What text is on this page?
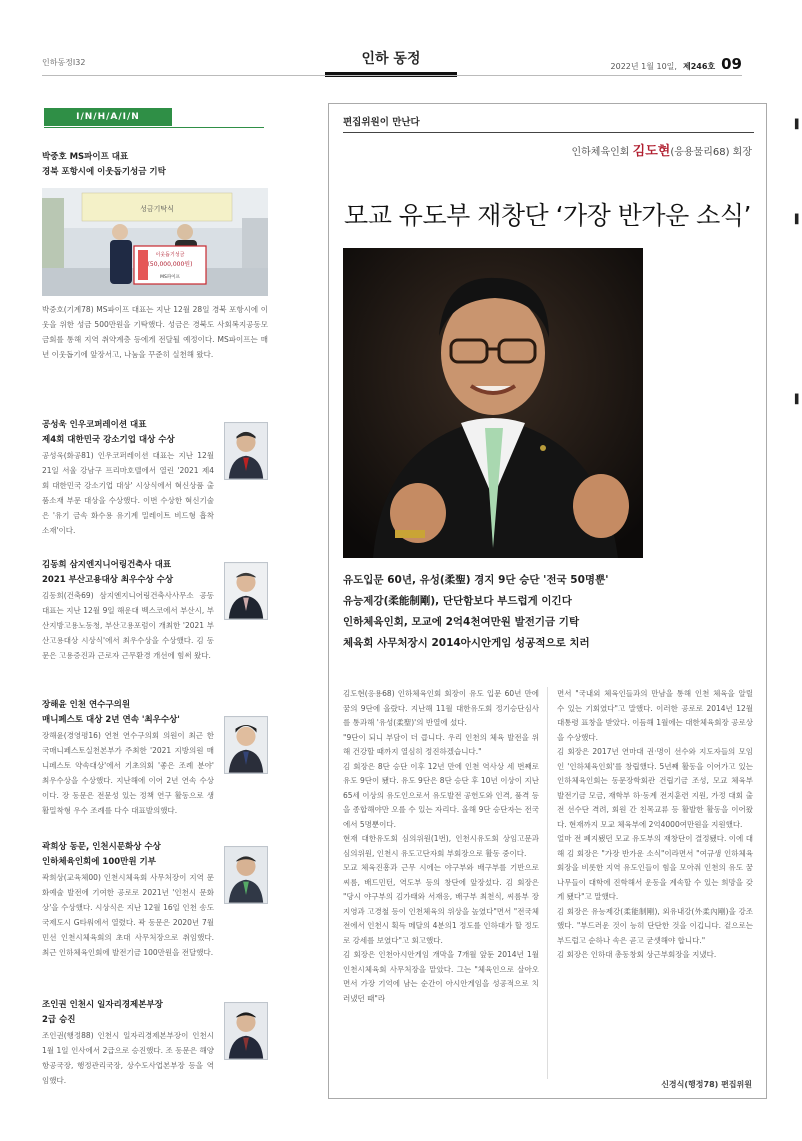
인하동정I32	인하 동정	2022년 1월 10일, 제246호 09
I/N/H/A/I/N
박중호 MS파이프 대표
경북 포항시에 이웃돕기성금 기탁
성금기탁식
이웃돕기성금
(50,000,000원)
MS파이프

박중호(기계78) MS파이프 대표는 지난 12월 28일 경북 포항시에 이웃을 위한 성금 500만원을 기탁했다. 성금은 경북도 사회복지공동모금회를 통해 지역 취약계층 등에게 전달될 예정이다. MS파이프는 매년 이웃돕기에 앞장서고, 나눔을 꾸준히 실천해 왔다.

공성욱 인우코퍼레이션 대표
제4회 대한민국 강소기업 대상 수상

공성욱(화공81) 인우코퍼레이션 대표는 지난 12월 21일 서울 강남구 프리마호텔에서 열린 '2021 제4회 대한민국 강소기업 대상' 시상식에서 혁신상품 출품소재 부문 대상을 수상했다. 이번 수상한 혁신기술은 '유기 금속 화수용 유기계 밀레이트 비드형 흡착 소재'이다.

김동희 삼지엔지니어링건축사 대표
2021 부산고용대상 최우수상 수상

김동희(건축69) 삼지엔지니어링건축사사무소 공동대표는 지난 12월 9일 해운대 벡스코에서 부산시, 부산지방고용노동청, 부산고용포럼이 개최한 '2021 부산고용대상 시상식'에서 최우수상을 수상했다. 김 동문은 고용증진과 근로자 근무환경 개선에 힘써 왔다.

장해윤 인천 연수구의원
매니페스토 대상 2년 연속 '최우수상'

장해윤(경영평16) 연천 연수구의회 의원이 최근 한국매니페스토실천본부가 주최한 '2021 지방의원 매니페스토 약속대상'에서 기초의회 '좋은 조례 분야' 최우수상을 수상했다. 지난해에 이어 2년 연속 수상이다. 장 동문은 전문성 있는 정책 연구 활동으로 생활밀착형 우수 조례를 다수 대표발의했다.

곽희상 동문, 인천시문화상 수상
인하체육인회에 100만원 기부

곽희상(교육체00) 인천시체육회 사무처장이 지역 문화예술 발전에 기여한 공로로 2021년 '인천시 문화상'을 수상했다. 시상식은 지난 12월 16일 인천 송도국제도시 G타워에서 열렸다. 곽 동문은 2020년 7월 민선 인천시체육회의 초대 사무처장으로 취임했다. 최근 인하체육인회에 발전기금 100만원을 전달했다.

조인권 인천시 일자리경제본부장
2급 승진

조인권(행정88) 인천시 일자리경제본부장이 인천시 1월 1일 인사에서 2급으로 승진했다. 조 동문은 해양항공국장, 행정관리국장, 상수도사업본부장 등을 역임했다.

편집위원이 만난다
인하체육인회 김도현(응용물리68) 회장
모교 유도부 재창단 ‘가장 반가운 소식’
유도입문 60년, 유성(柔聖) 경지 9단 승단 '전국 50명뿐'
유능제강(柔能制剛), 단단함보다 부드럽게 이긴다
인하체육인회, 모교에 2억4천여만원 발전기금 기탁
체육회 사무처장시 2014아시안게임 성공적으로 치러

김도현(응용68) 인하체육인회 회장이 유도 입문 60년 만에 꿈의 9단에 올랐다. 지난해 11월 대한유도회 정기승단심사를 통과해 '유성(柔聖)'의 반열에 섰다.

"9단이 되니 부담이 더 큽니다. 우리 인천의 체육 발전을 위해 건강할 때까지 열심히 정진하겠습니다."

김 회장은 8단 승단 이후 12년 만에 인천 역사상 세 번째로 유도 9단이 됐다. 유도 9단은 8단 승단 후 10년 이상이 지난 65세 이상의 유도인으로서 유도발전 공헌도와 인격, 품격 등을 종합해야만 오를 수 있는 자리다. 올해 9단 승단자는 전국에서 5명뿐이다.

현재 대한유도회 심의위원(1번), 인천시유도회 상임고문과 심의위원, 인천시 유도고단자회 부회장으로 활동 중이다.

모교 체육진흥과 근무 시에는 야구부와 배구부를 기반으로 씨름, 배드민턴, 역도부 등의 창단에 앞장섰다. 김 회장은 "당시 야구부의 김가태와 서재응, 배구부 최천식, 씨름부 장지영과 고경철 등이 인천체육의 위상을 높였다"면서 "전국체전에서 인천시 획득 메달의 4분의1 정도를 인하대가 할 정도로 강세를 보였다"고 회고했다.

김 회장은 인천아시안게임 개막을 7개월 앞둔 2014년 1월 인천시체육회 사무처장을 맡았다. 그는 "체육인으로 살아오면서 가장 기억에 남는 순간이 아시안게임을 성공적으로 치러냈던 때"라

면서 "국내외 체육인들과의 만남을 통해 인천 체육을 알릴 수 있는 기회였다"고 말했다. 이러한 공로로 2014년 12월 대통령 표창을 받았다. 이듬해 1월에는 대한체육회장 공로상을 수상했다.

김 회장은 2017년 연마대 권·명이 선수와 지도자들의 모임인 '인하체육인회'를 창립했다. 5년째 활동을 이어가고 있는 인하체육인회는 동문장학회관 건립기금 조성, 모교 체육부 발전기금 모금, 재학부 하·동계 전지훈련 지원, 가정 대회 출전 선수단 격려, 회원 간 친목교류 등 활발한 활동을 이어왔다. 현재까지 모교 체육부에 2억4000여만원을 지원했다.

얼마 전 폐지됐던 모교 유도부의 재창단이 결정됐다. 이에 대해 김 회장은 "가장 반가운 소식"이라면서 "여규생 인하체육회장을 비롯한 지역 유도인들이 힘을 모아줘 인천의 유도 꿈나무들이 대학에 진학해서 운동을 계속할 수 있는 희망을 갖게 됐다"고 말했다.

김 회장은 유능제강(柔能制剛), 외유내강(外柔內剛)을 강조했다. "부드러운 것이 능히 단단한 것을 이깁니다. 겉으로는 부드럽고 순하나 속은 곧고 굳셋해야 합니다."

김 회장은 인하대 총동창회 상근부회장을 지냈다.

신경식(행정78) 편집위원
▌
▌
▌
